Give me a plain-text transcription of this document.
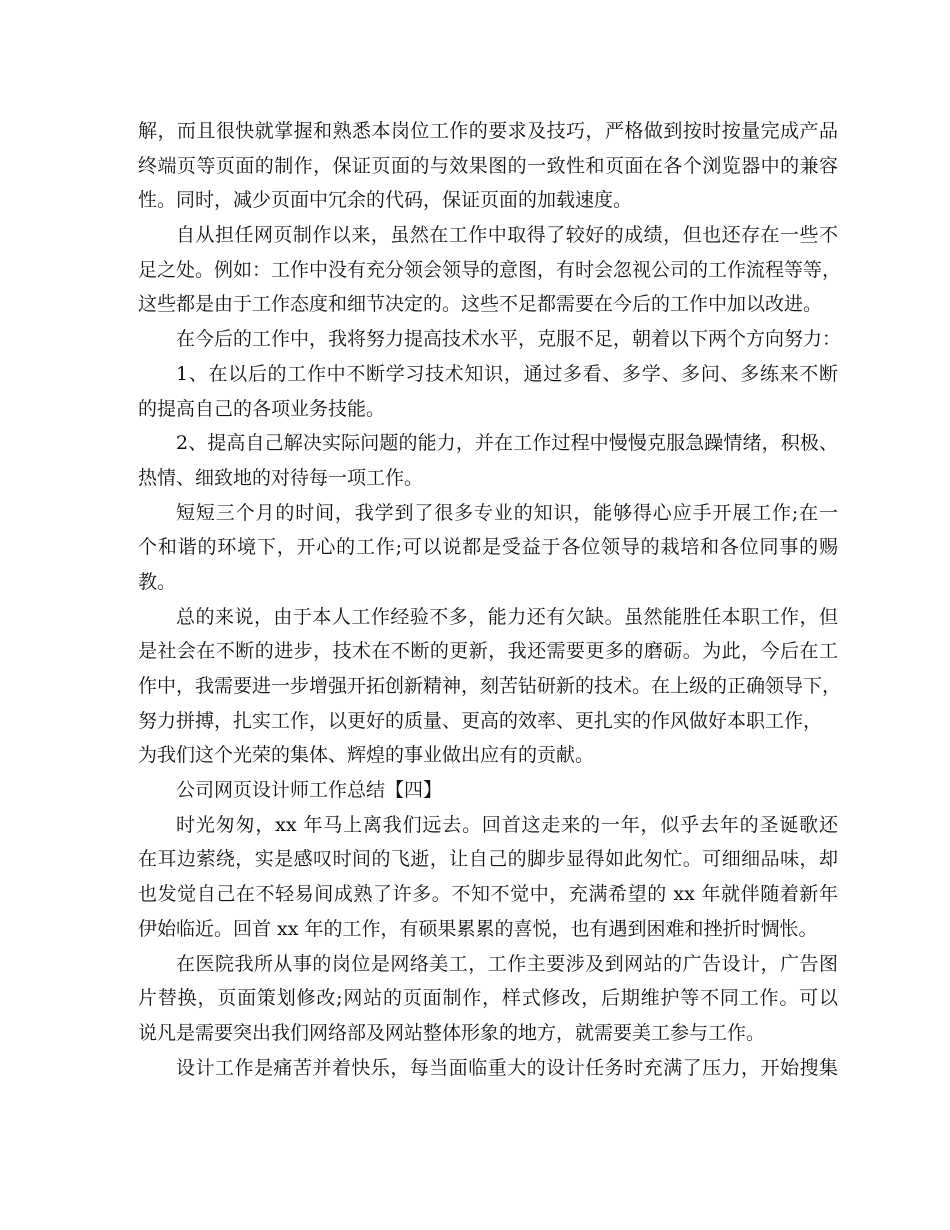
解，而且很快就掌握和熟悉本岗位工作的要求及技巧，严格做到按时按量完成产品
终端页等页面的制作，保证页面的与效果图的一致性和页面在各个浏览器中的兼容
性。同时，减少页面中冗余的代码，保证页面的加载速度。
自从担任网页制作以来，虽然在工作中取得了较好的成绩，但也还存在一些不
足之处。例如：工作中没有充分领会领导的意图，有时会忽视公司的工作流程等等，
这些都是由于工作态度和细节决定的。这些不足都需要在今后的工作中加以改进。
在今后的工作中，我将努力提高技术水平，克服不足，朝着以下两个方向努力：
1、在以后的工作中不断学习技术知识，通过多看、多学、多问、多练来不断
的提高自己的各项业务技能。
2、提高自己解决实际问题的能力，并在工作过程中慢慢克服急躁情绪，积极、
热情、细致地的对待每一项工作。
短短三个月的时间，我学到了很多专业的知识，能够得心应手开展工作;在一
个和谐的环境下，开心的工作;可以说都是受益于各位领导的栽培和各位同事的赐
教。
总的来说，由于本人工作经验不多，能力还有欠缺。虽然能胜任本职工作，但
是社会在不断的进步，技术在不断的更新，我还需要更多的磨砺。为此，今后在工
作中，我需要进一步增强开拓创新精神，刻苦钻研新的技术。在上级的正确领导下，
努力拼搏，扎实工作，以更好的质量、更高的效率、更扎实的作风做好本职工作，
为我们这个光荣的集体、辉煌的事业做出应有的贡献。
公司网页设计师工作总结【四】
时光匆匆，xx 年马上离我们远去。回首这走来的一年，似乎去年的圣诞歌还
在耳边萦绕，实是感叹时间的飞逝，让自己的脚步显得如此匆忙。可细细品味，却
也发觉自己在不轻易间成熟了许多。不知不觉中，充满希望的 xx 年就伴随着新年
伊始临近。回首 xx 年的工作，有硕果累累的喜悦，也有遇到困难和挫折时惆怅。
在医院我所从事的岗位是网络美工，工作主要涉及到网站的广告设计，广告图
片替换，页面策划修改;网站的页面制作，样式修改，后期维护等不同工作。可以
说凡是需要突出我们网络部及网站整体形象的地方，就需要美工参与工作。
设计工作是痛苦并着快乐，每当面临重大的设计任务时充满了压力，开始搜集
